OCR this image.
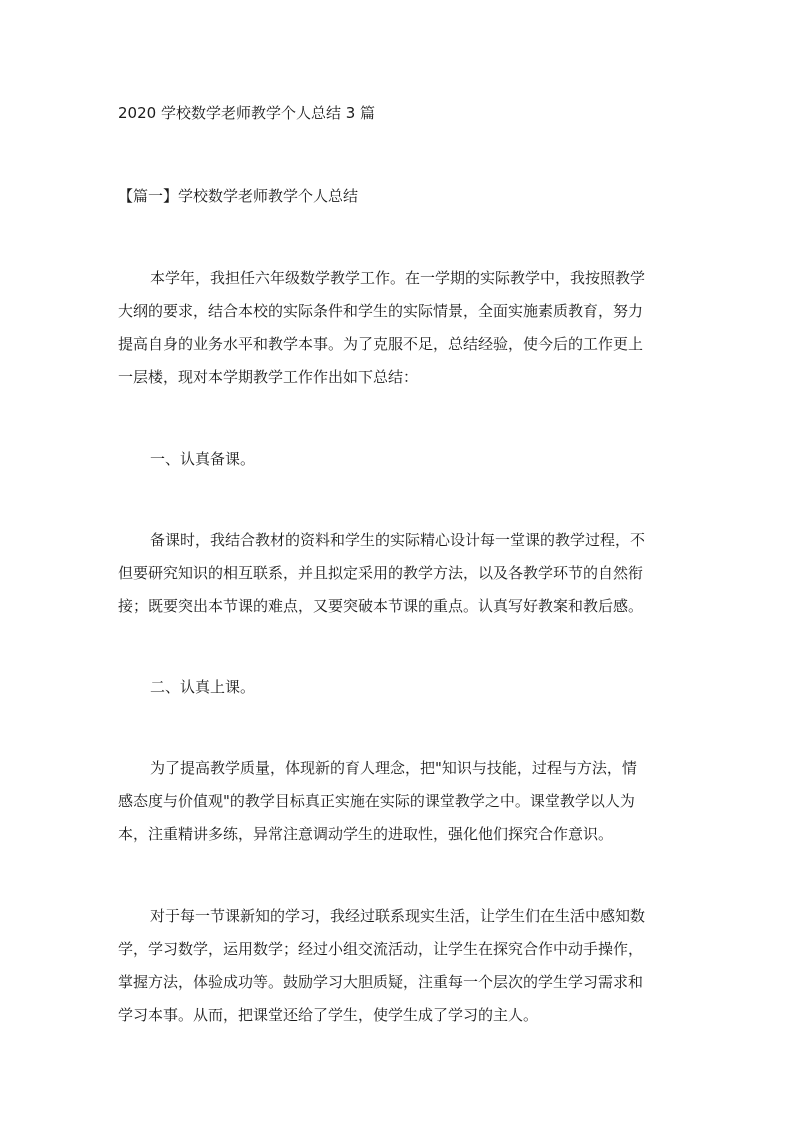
2020 学校数学老师教学个人总结 3 篇
【篇一】学校数学老师教学个人总结
本学年，我担任六年级数学教学工作。在一学期的实际教学中，我按照教学
大纲的要求，结合本校的实际条件和学生的实际情景，全面实施素质教育，努力
提高自身的业务水平和教学本事。为了克服不足，总结经验，使今后的工作更上
一层楼，现对本学期教学工作作出如下总结：
一、认真备课。
备课时，我结合教材的资料和学生的实际精心设计每一堂课的教学过程，不
但要研究知识的相互联系，并且拟定采用的教学方法，以及各教学环节的自然衔
接；既要突出本节课的难点，又要突破本节课的重点。认真写好教案和教后感。
二、认真上课。
为了提高教学质量，体现新的育人理念，把"知识与技能，过程与方法，情
感态度与价值观"的教学目标真正实施在实际的课堂教学之中。课堂教学以人为
本，注重精讲多练，异常注意调动学生的进取性，强化他们探究合作意识。
对于每一节课新知的学习，我经过联系现实生活，让学生们在生活中感知数
学，学习数学，运用数学；经过小组交流活动，让学生在探究合作中动手操作，
掌握方法，体验成功等。鼓励学习大胆质疑，注重每一个层次的学生学习需求和
学习本事。从而，把课堂还给了学生，使学生成了学习的主人。
